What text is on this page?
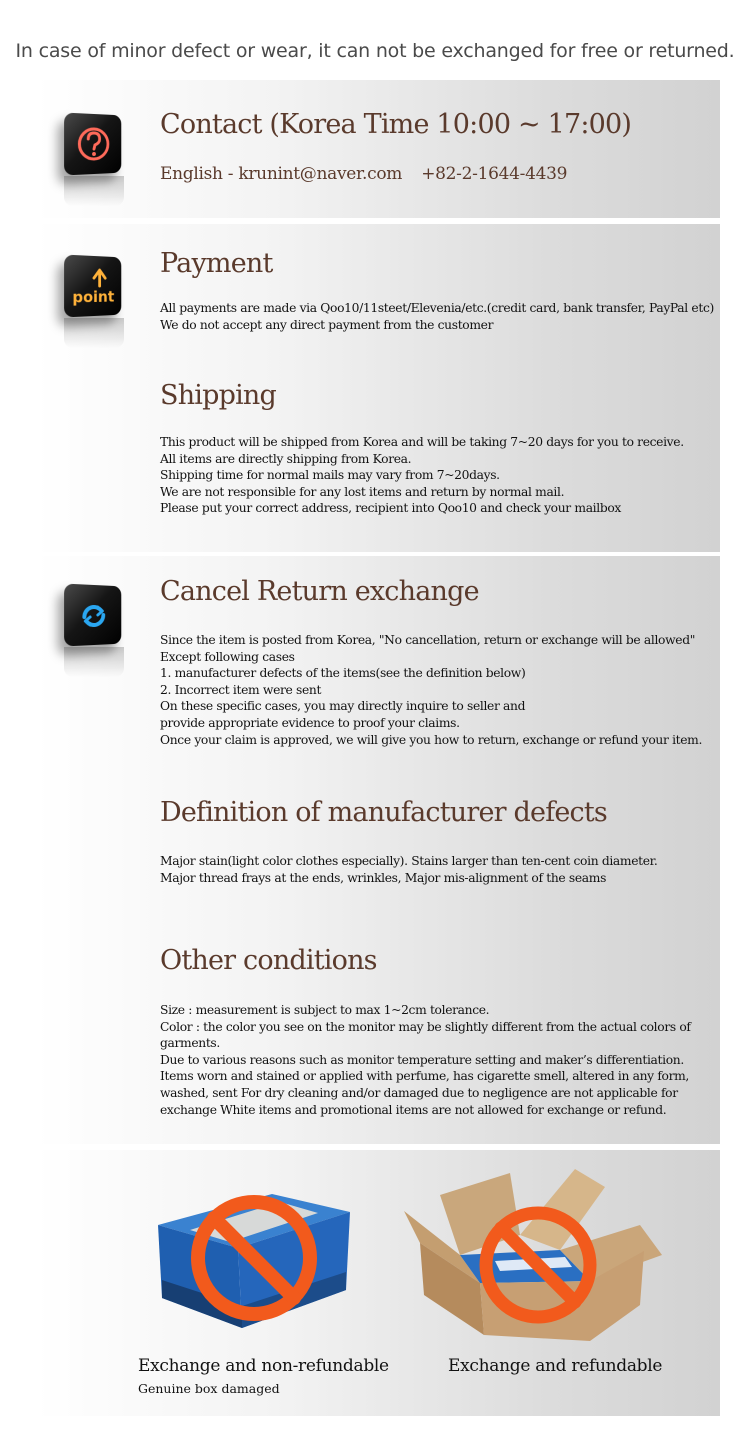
In case of minor defect or wear, it can not be exchanged for free or returned.
Contact (Korea Time 10:00 ~ 17:00)
English - krunint@naver.com +82-2-1644-4439
point
Payment
All payments are made via Qoo10/11steet/Elevenia/etc.(credit card, bank transfer, PayPal etc)
We do not accept any direct payment from the customer
Shipping
This product will be shipped from Korea and will be taking 7~20 days for you to receive.
All items are directly shipping from Korea.
Shipping time for normal mails may vary from 7~20days.
We are not responsible for any lost items and return by normal mail.
Please put your correct address, recipient into Qoo10 and check your mailbox
Cancel Return exchange
Since the item is posted from Korea, "No cancellation, return or exchange will be allowed"
Except following cases
1. manufacturer defects of the items(see the definition below)
2. Incorrect item were sent
On these specific cases, you may directly inquire to seller and
provide appropriate evidence to proof your claims.
Once your claim is approved, we will give you how to return, exchange or refund your item.
Definition of manufacturer defects
Major stain(light color clothes especially). Stains larger than ten-cent coin diameter.
Major thread frays at the ends, wrinkles, Major mis-alignment of the seams
Other conditions
Size : measurement is subject to max 1~2cm tolerance.
Color : the color you see on the monitor may be slightly different from the actual colors of
garments.
Due to various reasons such as monitor temperature setting and maker’s differentiation.
Items worn and stained or applied with perfume, has cigarette smell, altered in any form,
washed, sent For dry cleaning and/or damaged due to negligence are not applicable for
exchange White items and promotional items are not allowed for exchange or refund.
Exchange and non-refundable
Genuine box damaged
Exchange and refundable
